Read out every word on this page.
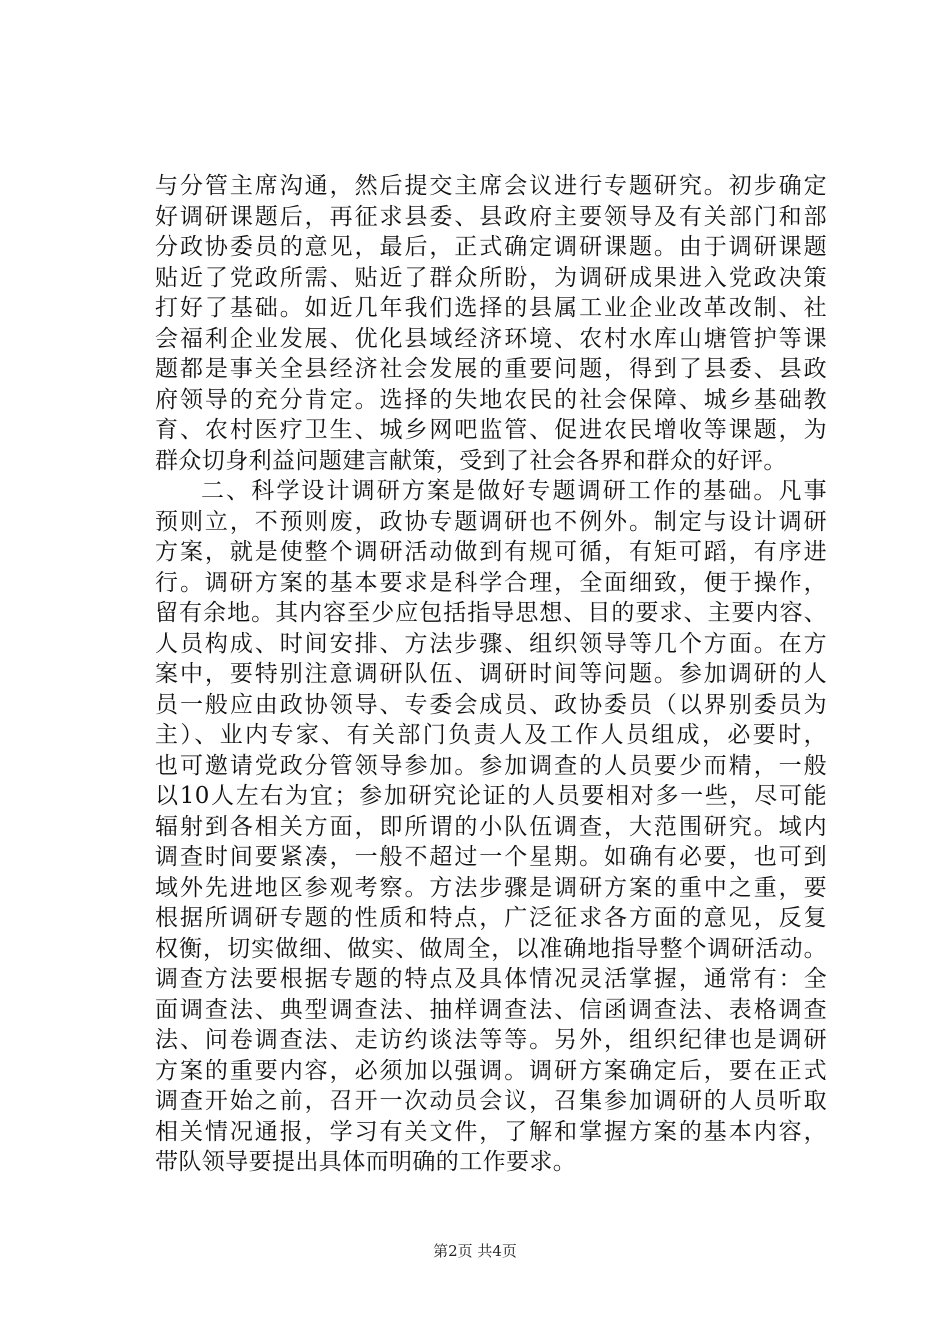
与分管主席沟通，然后提交主席会议进行专题研究。初步确定
好调研课题后，再征求县委、县政府主要领导及有关部门和部
分政协委员的意见，最后，正式确定调研课题。由于调研课题
贴近了党政所需、贴近了群众所盼，为调研成果进入党政决策
打好了基础。如近几年我们选择的县属工业企业改革改制、社
会福利企业发展、优化县域经济环境、农村水库山塘管护等课
题都是事关全县经济社会发展的重要问题，得到了县委、县政
府领导的充分肯定。选择的失地农民的社会保障、城乡基础教
育、农村医疗卫生、城乡网吧监管、促进农民增收等课题，为
群众切身利益问题建言献策，受到了社会各界和群众的好评。
二、科学设计调研方案是做好专题调研工作的基础。凡事
预则立，不预则废，政协专题调研也不例外。制定与设计调研
方案，就是使整个调研活动做到有规可循，有矩可蹈，有序进
行。调研方案的基本要求是科学合理，全面细致，便于操作，
留有余地。其内容至少应包括指导思想、目的要求、主要内容、
人员构成、时间安排、方法步骤、组织领导等几个方面。在方
案中，要特别注意调研队伍、调研时间等问题。参加调研的人
员一般应由政协领导、专委会成员、政协委员（以界别委员为
主）、业内专家、有关部门负责人及工作人员组成，必要时，
也可邀请党政分管领导参加。参加调查的人员要少而精，一般
以10人左右为宜；参加研究论证的人员要相对多一些，尽可能
辐射到各相关方面，即所谓的小队伍调查，大范围研究。域内
调查时间要紧凑，一般不超过一个星期。如确有必要，也可到
域外先进地区参观考察。方法步骤是调研方案的重中之重，要
根据所调研专题的性质和特点，广泛征求各方面的意见，反复
权衡，切实做细、做实、做周全，以准确地指导整个调研活动。
调查方法要根据专题的特点及具体情况灵活掌握，通常有：全
面调查法、典型调查法、抽样调查法、信函调查法、表格调查
法、问卷调查法、走访约谈法等等。另外，组织纪律也是调研
方案的重要内容，必须加以强调。调研方案确定后，要在正式
调查开始之前，召开一次动员会议，召集参加调研的人员听取
相关情况通报，学习有关文件，了解和掌握方案的基本内容，
带队领导要提出具体而明确的工作要求。
第2页 共4页
